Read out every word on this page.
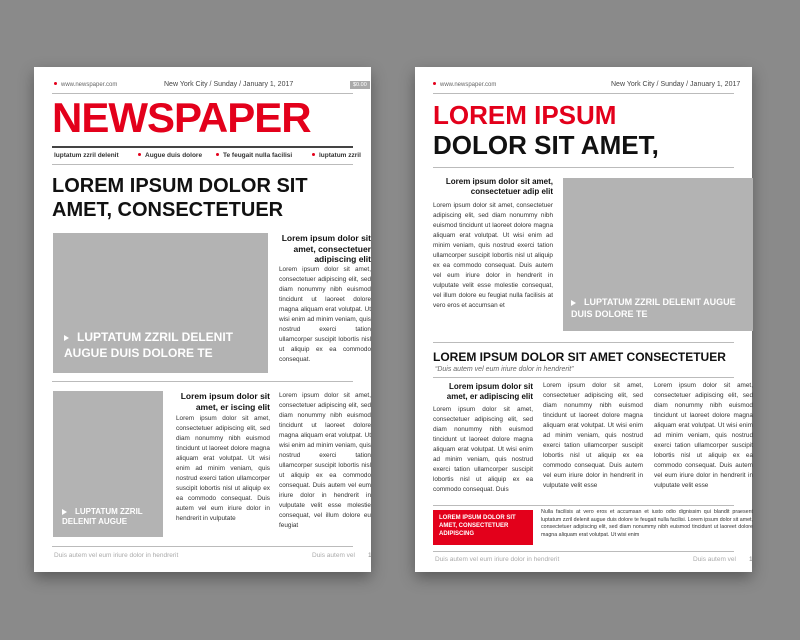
www.newspaper.com	New York City / Sunday / January 1, 2017	$0.00
NEWSPAPER
luptatum zzril delenit	Augue duis dolore	Te feugait nulla facilisi	luptatum zzril
LOREM IPSUM DOLOR SIT
AMET, CONSECTETUER
LUPTATUM ZZRIL DELENIT AUGUE DUIS DOLORE TE
Lorem ipsum dolor sit amet, consectetuer adipiscing elit
Lorem ipsum dolor sit amet, consectetuer adipiscing elit, sed diam nonummy nibh euismod tincidunt ut laoreet dolore magna aliquam erat volutpat. Ut wisi enim ad minim veniam, quis nostrud exerci tation ullamcorper suscipit lobortis nisl ut aliquip ex ea commodo consequat.
LUPTATUM ZZRIL DELENIT AUGUE
Lorem ipsum dolor sit amet, er iscing elit
Lorem ipsum dolor sit amet, consectetuer adipiscing elit, sed diam nonummy nibh euismod tincidunt ut laoreet dolore magna aliquam erat volutpat. Ut wisi enim ad minim veniam, quis nostrud exerci tation ullamcorper suscipit lobortis nisl ut aliquip ex ea commodo consequat. Duis autem vel eum iriure dolor in hendrerit in vulputate
Lorem ipsum dolor sit amet, consectetuer adipiscing elit, sed diam nonummy nibh euismod tincidunt ut laoreet dolore magna aliquam erat volutpat. Ut wisi enim ad minim veniam, quis nostrud exerci tation ullamcorper suscipit lobortis nisl ut aliquip ex ea commodo consequat. Duis autem vel eum iriure dolor in hendrerit in vulputate velit esse molestie consequat, vel illum dolore eu feugiat
Duis autem vel eum iriure dolor in hendrerit	Duis autem vel 1
www.newspaper.com	New York City / Sunday / January 1, 2017
LOREM IPSUM
DOLOR SIT AMET,
Lorem ipsum dolor sit amet, consectetuer adip elit
Lorem ipsum dolor sit amet, consectetuer adipiscing elit, sed diam nonummy nibh euismod tincidunt ut laoreet dolore magna aliquam erat volutpat. Ut wisi enim ad minim veniam, quis nostrud exerci tation ullamcorper suscipit lobortis nisl ut aliquip ex ea commodo consequat. Duis autem vel eum iriure dolor in hendrerit in vulputate velit esse molestie consequat, vel illum dolore eu feugiat nulla facilisis at vero eros et accumsan et	LUPTATUM ZZRIL DELENIT AUGUE DUIS DOLORE TE
LOREM IPSUM DOLOR SIT AMET CONSECTETUER
“Duis autem vel eum iriure dolor in hendrerit”
Lorem ipsum dolor sit amet, er adipiscing elit
Lorem ipsum dolor sit amet, consectetuer adipiscing elit, sed diam nonummy nibh euismod tincidunt ut laoreet dolore magna aliquam erat volutpat. Ut wisi enim ad minim veniam, quis nostrud exerci tation ullamcorper suscipit lobortis nisl ut aliquip ex ea commodo consequat. Duis
Lorem ipsum dolor sit amet, consectetuer adipiscing elit, sed diam nonummy nibh euismod tincidunt ut laoreet dolore magna aliquam erat volutpat. Ut wisi enim ad minim veniam, quis nostrud exerci tation ullamcorper suscipit lobortis nisl ut aliquip ex ea commodo consequat. Duis autem vel eum iriure dolor in hendrerit in vulputate velit esse
Lorem ipsum dolor sit amet, consectetuer adipiscing elit, sed diam nonummy nibh euismod tincidunt ut laoreet dolore magna aliquam erat volutpat. Ut wisi enim ad minim veniam, quis nostrud exerci tation ullamcorper suscipit lobortis nisl ut aliquip ex ea commodo consequat. Duis autem vel eum iriure dolor in hendrerit in vulputate velit esse
LOREM IPSUM DOLOR SIT AMET, CONSECTETUER ADIPISCING
Nulla facilisis at vero eros et accumsan et iusto odio dignissim qui blandit praesent luptatum zzril delenit augue duis dolore te feugait nulla facilisi. Lorem ipsum dolor sit amet, consectetuer adipiscing elit, sed diam nonummy nibh euismod tincidunt ut laoreet dolore magna aliquam erat volutpat. Ut wisi enim
Duis autem vel eum iriure dolor in hendrerit	Duis autem vel 1
